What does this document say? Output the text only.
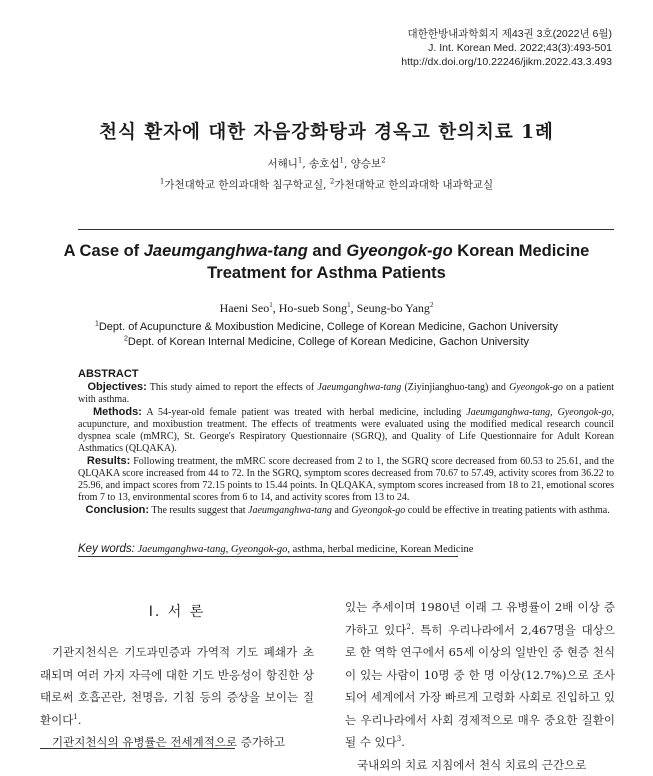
대한한방내과학회지 제43권 3호(2022년 6월)
J. Int. Korean Med. 2022;43(3):493-501
http://dx.doi.org/10.22246/jikm.2022.43.3.493
천식 환자에 대한 자음강화탕과 경옥고 한의치료 1례
서해니$^1$, 송호섭$^1$, 양승보$^2$
$^1$가천대학교 한의과대학 침구학교실, $^2$가천대학교 한의과대학 내과학교실
A Case of Jaeumganghwa-tang and Gyeongok-go Korean Medicine Treatment for Asthma Patients
Haeni Seo$^1$, Ho-sueb Song$^1$, Seung-bo Yang$^2$
$^1$Dept. of Acupuncture & Moxibustion Medicine, College of Korean Medicine, Gachon University
$^2$Dept. of Korean Internal Medicine, College of Korean Medicine, Gachon University
ABSTRACT

Objectives: This study aimed to report the effects of Jaeumganghwa-tang (Ziyinjianghuo-tang) and Gyeongok-go on a patient with asthma.

Methods: A 54-year-old female patient was treated with herbal medicine, including Jaeumganghwa-tang, Gyeongok-go, acupuncture, and moxibustion treatment. The effects of treatments were evaluated using the modified medical research council dyspnea scale (mMRC), St. George's Respiratory Questionnaire (SGRQ), and Quality of Life Questionnaire for Adult Korean Asthmatics (QLQAKA).

Results: Following treatment, the mMRC score decreased from 2 to 1, the SGRQ score decreased from 60.53 to 25.61, and the QLQAKA score increased from 44 to 72. In the SGRQ, symptom scores decreased from 70.67 to 57.49, activity scores from 36.22 to 25.96, and impact scores from 72.15 points to 15.44 points. In QLQAKA, symptom scores increased from 18 to 21, emotional scores from 7 to 13, environmental scores from 6 to 14, and activity scores from 13 to 24.

Conclusion: The results suggest that Jaeumganghwa-tang and Gyeongok-go could be effective in treating patients with asthma.

Key words: Jaeumganghwa-tang, Gyeongok-go, asthma, herbal medicine, Korean Medicine
Ⅰ. 서 론

기관지천식은 기도과민증과 가역적 기도 폐쇄가 초래되며 여러 가지 자극에 대한 기도 반응성이 항진한 상태로써 호흡곤란, 천명음, 기침 등의 증상을 보이는 질환이다$^1$.

기관지천식의 유병률은 전세계적으로 증가하고

있는 추세이며 1980년 이래 그 유병률이 2배 이상 증가하고 있다$^2$. 특히 우리나라에서 2,467명을 대상으로 한 역학 연구에서 65세 이상의 일반인 중 현증 천식이 있는 사람이 10명 중 한 명 이상(12.7%)으로 조사되어 세계에서 가장 빠르게 고령화 사회로 진입하고 있는 우리나라에서 사회 경제적으로 매우 중요한 질환이 될 수 있다$^3$.

국내외의 치료 지침에서 천식 치료의 근간으로
